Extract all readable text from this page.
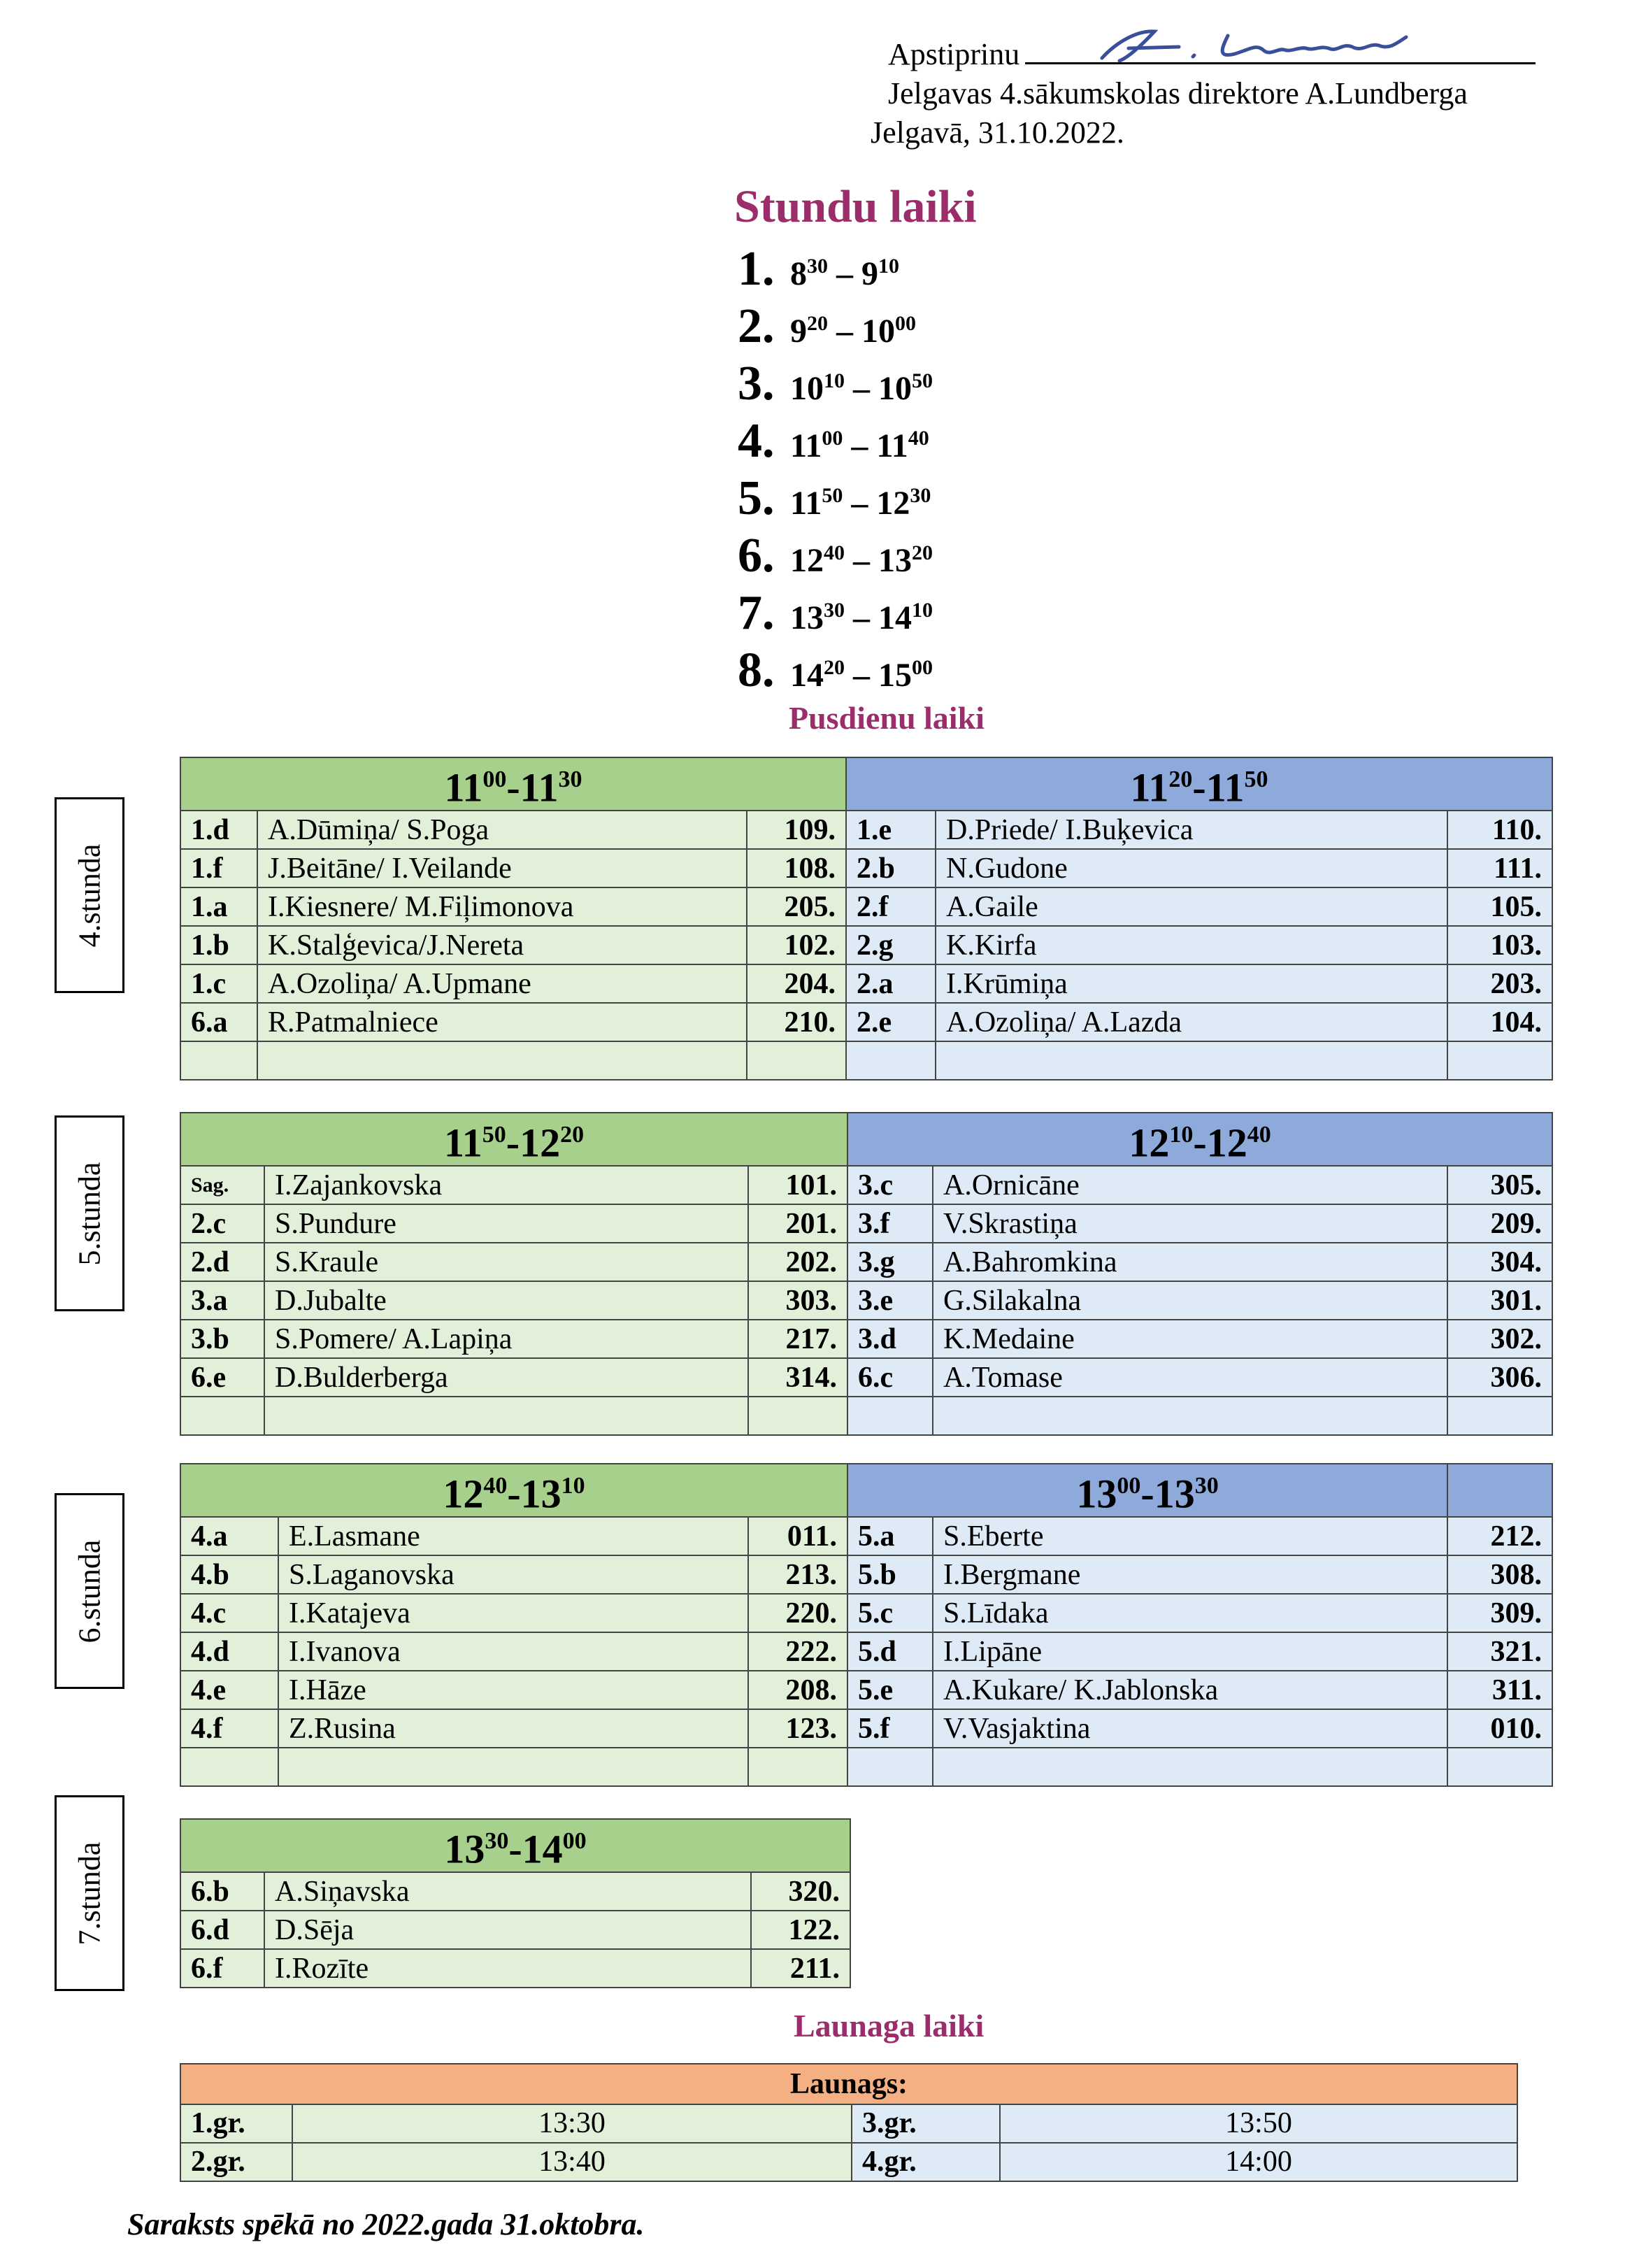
Apstiprinu
Jelgavas 4.sākumskolas direktore A.Lundberga
Jelgavā, 31.10.2022.
Stundu laiki
1. $8^{30} - 9^{10}$
2. $9^{20} - 10^{00}$
3. $10^{10} - 10^{50}$
4. $11^{00} - 11^{40}$
5. $11^{50} - 12^{30}$
6. $12^{40} - 13^{20}$
7. $13^{30} - 14^{10}$
8. $14^{20} - 15^{00}$
Pusdienu laiki
4.stunda
5.stunda
6.stunda
7.stunda
$11^{00}-11^{30}$			$11^{20}-11^{50}$
1.d	A.Dūmiņa/ S.Poga	109.	1.e	D.Priede/ I.Buķevica	110.
1.f	J.Beitāne/ I.Veilande	108.	2.b	N.Gudone	111.
1.a	I.Kiesnere/ M.Fiļimonova	205.	2.f	A.Gaile	105.
1.b	K.Stalģevica/J.Nereta	102.	2.g	K.Kirfa	103.
1.c	A.Ozoliņa/ A.Upmane	204.	2.a	I.Krūmiņa	203.
6.a	R.Patmalniece	210.	2.e	A.Ozoliņa/ A.Lazda	104.

$11^{50}-12^{20}$			$12^{10}-12^{40}$
Sag.	I.Zajankovska	101.	3.c	A.Ornicāne	305.
2.c	S.Pundure	201.	3.f	V.Skrastiņa	209.
2.d	S.Kraule	202.	3.g	A.Bahromkina	304.
3.a	D.Jubalte	303.	3.e	G.Silakalna	301.
3.b	S.Pomere/ A.Lapiņa	217.	3.d	K.Medaine	302.
6.e	D.Bulderberga	314.	6.c	A.Tomase	306.

$12^{40}-13^{10}$			$13^{00}-13^{30}$	
4.a	E.Lasmane	011.	5.a	S.Eberte	212.
4.b	S.Laganovska	213.	5.b	I.Bergmane	308.
4.c	I.Katajeva	220.	5.c	S.Līdaka	309.
4.d	I.Ivanova	222.	5.d	I.Lipāne	321.
4.e	I.Hāze	208.	5.e	A.Kukare/ K.Jablonska	311.
4.f	Z.Rusina	123.	5.f	V.Vasjaktina	010.

$13^{30}-14^{00}$
6.b	A.Siņavska	320.
6.d	D.Sēja	122.
6.f	I.Rozīte	211.
Launaga laiki
Launags:			
1.gr.	13:30	3.gr.	13:50
2.gr.	13:40	4.gr.	14:00
Saraksts spēkā no 2022.gada 31.oktobra.
